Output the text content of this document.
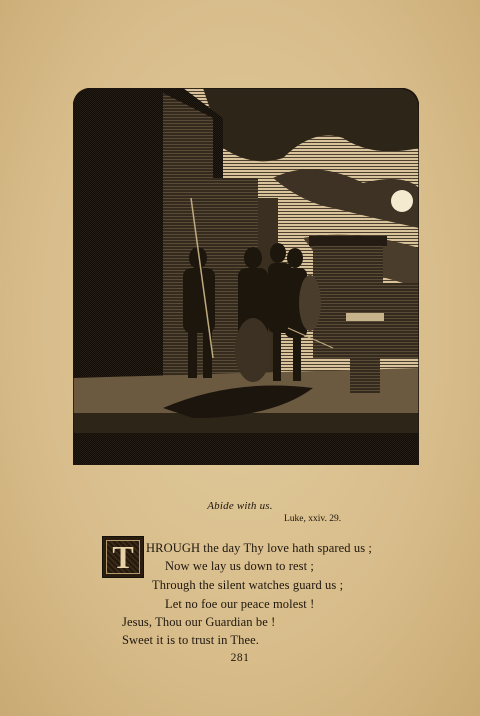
Abide with us.
Luke, xxiv. 29.
T HROUGH the day Thy love hath spared us ;
Now we lay us down to rest ;
Through the silent watches guard us ;
Let no foe our peace molest !
Jesus, Thou our Guardian be !
Sweet it is to trust in Thee.
281
